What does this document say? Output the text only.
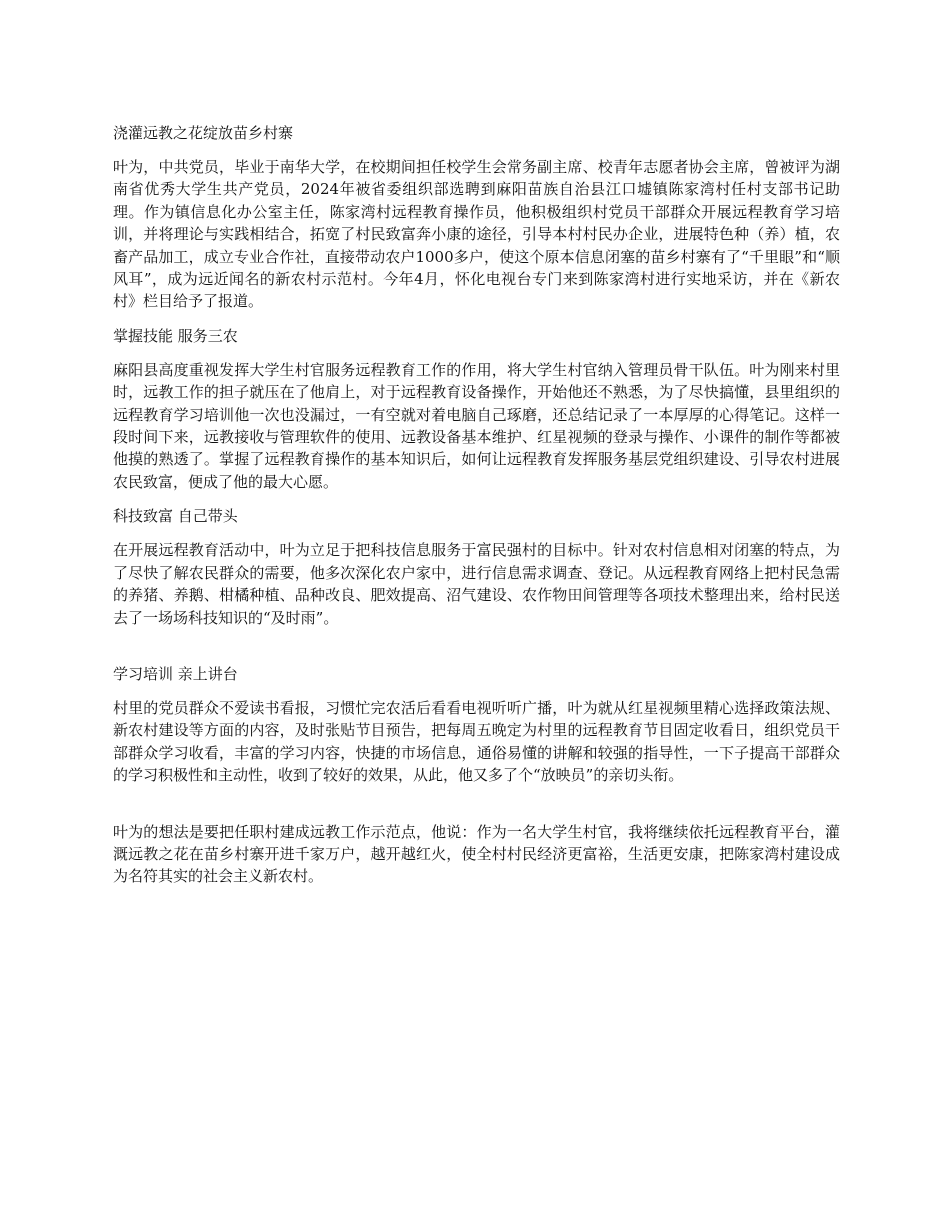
浇灌远教之花绽放苗乡村寨
叶为，中共党员，毕业于南华大学，在校期间担任校学生会常务副主席、校青年志愿者协会主席，曾被评为湖南省优秀大学生共产党员，2024年被省委组织部选聘到麻阳苗族自治县江口墟镇陈家湾村任村支部书记助理。作为镇信息化办公室主任，陈家湾村远程教育操作员，他积极组织村党员干部群众开展远程教育学习培训，并将理论与实践相结合，拓宽了村民致富奔小康的途径，引导本村村民办企业，进展特色种（养）植，农畜产品加工，成立专业合作社，直接带动农户1000多户，使这个原本信息闭塞的苗乡村寨有了“千里眼”和“顺风耳”，成为远近闻名的新农村示范村。今年4月，怀化电视台专门来到陈家湾村进行实地采访，并在《新农村》栏目给予了报道。
掌握技能 服务三农
麻阳县高度重视发挥大学生村官服务远程教育工作的作用，将大学生村官纳入管理员骨干队伍。叶为刚来村里时，远教工作的担子就压在了他肩上，对于远程教育设备操作，开始他还不熟悉，为了尽快搞懂，县里组织的远程教育学习培训他一次也没漏过，一有空就对着电脑自己琢磨，还总结记录了一本厚厚的心得笔记。这样一段时间下来，远教接收与管理软件的使用、远教设备基本维护、红星视频的登录与操作、小课件的制作等都被他摸的熟透了。掌握了远程教育操作的基本知识后，如何让远程教育发挥服务基层党组织建设、引导农村进展农民致富，便成了他的最大心愿。
科技致富 自己带头
在开展远程教育活动中，叶为立足于把科技信息服务于富民强村的目标中。针对农村信息相对闭塞的特点，为了尽快了解农民群众的需要，他多次深化农户家中，进行信息需求调查、登记。从远程教育网络上把村民急需的养猪、养鹅、柑橘种植、品种改良、肥效提高、沼气建设、农作物田间管理等各项技术整理出来，给村民送去了一场场科技知识的“及时雨”。
学习培训 亲上讲台
村里的党员群众不爱读书看报，习惯忙完农活后看看电视听听广播，叶为就从红星视频里精心选择政策法规、新农村建设等方面的内容，及时张贴节目预告，把每周五晚定为村里的远程教育节目固定收看日，组织党员干部群众学习收看，丰富的学习内容，快捷的市场信息，通俗易懂的讲解和较强的指导性，一下子提高干部群众的学习积极性和主动性，收到了较好的效果，从此，他又多了个“放映员”的亲切头衔。
叶为的想法是要把任职村建成远教工作示范点，他说：作为一名大学生村官，我将继续依托远程教育平台，灌溉远教之花在苗乡村寨开进千家万户，越开越红火，使全村村民经济更富裕，生活更安康，把陈家湾村建设成为名符其实的社会主义新农村。
